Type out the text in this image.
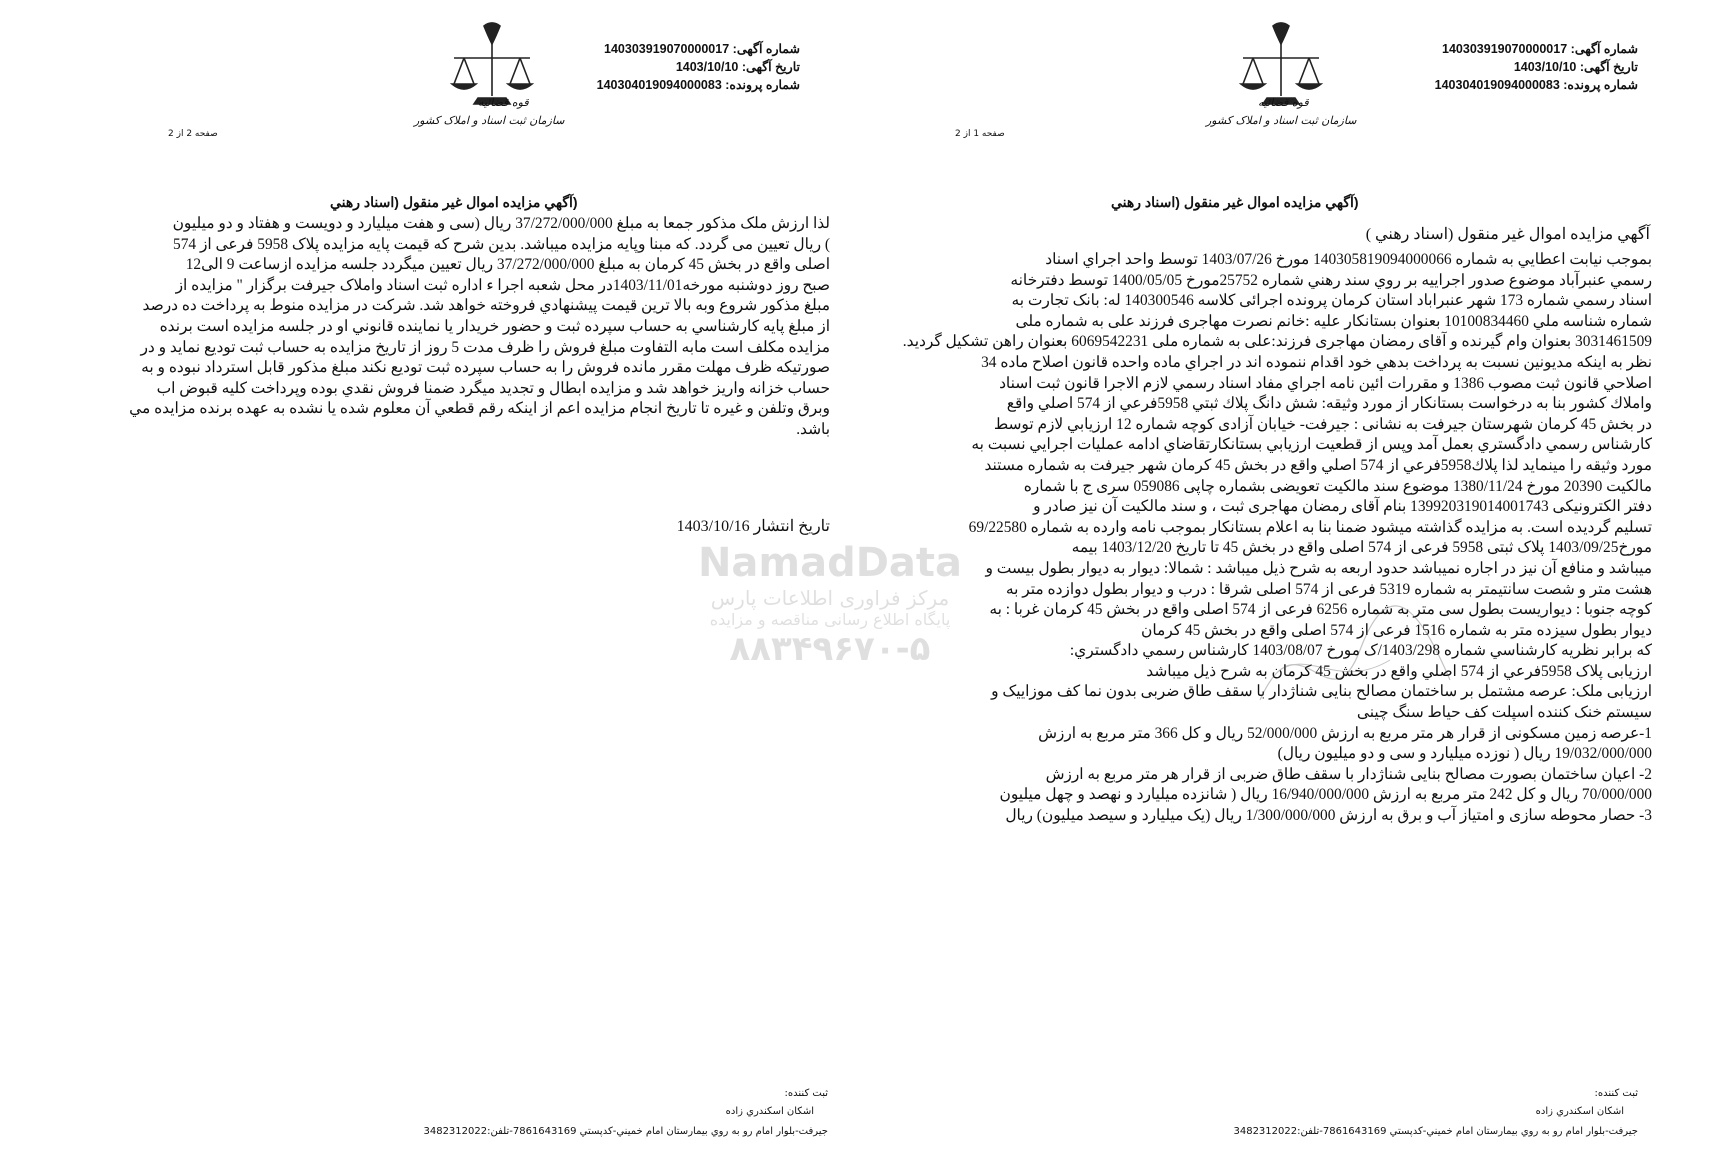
شماره آگهی: 140303919070000017
تاريخ آگهی: 1403/10/10
شماره پرونده: 140304019094000083
قوه قضائیه
سازمان ثبت اسناد و املاک کشور
صفحه 1 از 2
(آگهي مزايده اموال غير منقول (اسناد رهني
آگهي مزايده اموال غير منقول (اسناد رهني )

بموجب نيابت اعطايي به شماره 140305819094000066 مورخ 1403/07/26 توسط واحد اجراي اسناد

رسمي عنبرآباد موضوع صدور اجراييه بر روي سند رهني شماره 25752مورخ 1400/05/05 توسط دفترخانه

اسناد رسمي شماره 173 شهر عنبراباد استان كرمان پرونده اجرائی كلاسه 140300546 له: بانک تجارت به

شماره شناسه ملي 10100834460 بعنوان بستانكار عليه :خانم نصرت مهاجری فرزند علی به شماره ملی

3031461509 بعنوان وام گيرنده و آقای رمضان مهاجری فرزند:علی به شماره ملی 6069542231 بعنوان راهن تشکيل گرديد.

نظر به اينكه مديونين نسبت به پرداخت بدهي خود اقدام ننموده اند در اجراي ماده واحده قانون اصلاح ماده 34

اصلاحي قانون ثبت مصوب 1386 و مقررات ائين نامه اجراي مفاد اسناد رسمي لازم الاجرا قانون ثبت اسناد

واملاك كشور بنا به درخواست بستانكار از مورد وثيقه: شش دانگ پلاك ثبتي 5958فرعي از 574 اصلي واقع

در بخش 45 كرمان شهرستان جيرفت به نشانی : جيرفت- خيابان آزادی کوچه شماره 12 ارزيابي لازم توسط

كارشناس رسمي دادگستري بعمل آمد وپس از قطعيت ارزيابي بستانكارتقاضاي ادامه عمليات اجرايي نسبت به

مورد وثيقه را مينمايد لذا پلاك5958فرعي از 574 اصلي واقع در بخش 45 كرمان شهر جيرفت به شماره مستند

مالكيت 20390 مورخ 1380/11/24 موضوع سند مالكيت تعويضی بشماره چاپی 059086 سری ج با شماره

دفتر الکترونيکی 139920319014001743 بنام آقای رمضان مهاجری ثبت ، و سند مالكيت آن نيز صادر و

تسليم گرديده است. به مزايده گذاشته ميشود ضمنا بنا به اعلام بستانكار بموجب نامه وارده به شماره 69/22580

مورخ1403/09/25 پلاک ثبتی 5958 فرعی از 574 اصلی واقع در بخش 45 تا تاريخ 1403/12/20 بيمه

ميباشد و منافع آن نيز در اجاره نميباشد حدود اربعه به شرح ذيل ميباشد : شمالا: ديوار به ديوار بطول بيست و

هشت متر و شصت سانتيمتر به شماره 5319 فرعی از 574 اصلی شرقا : درب و ديوار بطول دوازده متر به

کوچه جنوبا : ديواريست بطول سی متر به شماره 6256 فرعی از 574 اصلی واقع در بخش 45 کرمان غربا : به

ديوار بطول سيزده متر به شماره 1516 فرعی از 574 اصلی واقع در بخش 45 کرمان

كه برابر نظريه كارشناسي شماره 1403/298/ک مورخ 1403/08/07 كارشناس رسمي دادگستري:

ارزيابی پلاک 5958فرعي از 574 اصلي واقع در بخش 45 كرمان به شرح ذيل ميباشد

ارزيابی ملک: عرصه مشتمل بر ساختمان مصالح بنايی شناژدار با سقف طاق ضربی بدون نما کف موزاييک و

سيستم خنک کننده اسپلت کف حياط سنگ چينی

1-عرصه زمين مسكونی از قرار هر متر مربع به ارزش 52/000/000 ريال و کل 366 متر مربع به ارزش

19/032/000/000 ريال ( نوزده ميليارد و سی و دو ميليون ريال)

2- اعيان ساختمان بصورت مصالح بنايی شناژدار با سقف طاق ضربی از قرار هر متر مربع به ارزش

70/000/000 ريال و کل 242 متر مربع به ارزش 16/940/000/000 ريال ( شانزده ميليارد و نهصد و چهل ميليون

3- حصار محوطه سازی و امتياز آب و برق به ارزش 1/300/000/000 ريال (يک ميليارد و سيصد ميليون) ريال

ثبت کننده:
اشكان اسكندري زاده
جيرفت-بلوار امام رو به روي بيمارستان امام خميني-كدپستي 7861643169-تلفن:3482312022
شماره آگهی: 140303919070000017
تاريخ آگهی: 1403/10/10
شماره پرونده: 140304019094000083
قوه قضائیه
سازمان ثبت اسناد و املاک کشور
صفحه 2 از 2
(آگهي مزايده اموال غير منقول (اسناد رهني

لذا ارزش ملک مذکور جمعا به مبلغ 37/272/000/000 ريال (سی و هفت ميليارد و دويست و هفتاد و دو ميليون

) ريال تعيين می گردد. كه مبنا وپايه مزايده ميباشد. بدين شرح كه قيمت پايه مزايده پلاک 5958 فرعی از 574

اصلی واقع در بخش 45 کرمان به مبلغ 37/272/000/000 ريال تعيين ميگردد جلسه مزايده ازساعت 9 الی12

صبح روز دوشنبه مورخه1403/11/01در محل شعبه اجرا ء اداره ثبت اسناد واملاک جيرفت برگزار " مزايده از

مبلغ مذکور شروع وبه بالا ترين قيمت پيشنهادي فروخته خواهد شد. شركت در مزايده منوط به پرداخت ده درصد

از مبلغ پايه كارشناسي به حساب سپرده ثبت و حضور خريدار يا نماينده قانوني او در جلسه مزايده است برنده

مزايده مكلف است مابه التفاوت مبلغ فروش را ظرف مدت 5 روز از تاريخ مزايده به حساب ثبت توديع نمايد و در

صورتيكه ظرف مهلت مقرر مانده فروش را به حساب سپرده ثبت توديع نكند مبلغ مذكور قابل استرداد نبوده و به

حساب خزانه واريز خواهد شد و مزايده ابطال و تجديد ميگرد ضمنا فروش نقدي بوده وپرداخت كليه قبوض اب

وبرق وتلفن و غيره تا تاريخ انجام مزايده اعم از اينكه رقم قطعي آن معلوم شده يا نشده به عهده برنده مزايده مي

باشد.

تاريخ انتشار 1403/10/16
ثبت کننده:
اشكان اسكندري زاده
جيرفت-بلوار امام رو به روي بيمارستان امام خميني-كدپستي 7861643169-تلفن:3482312022
NamadData
مرکز فراوری اطلاعات پارس
پایگاه اطلاع رسانی مناقصه و مزایده
۸۸۳۴۹۶۷۰-۵
